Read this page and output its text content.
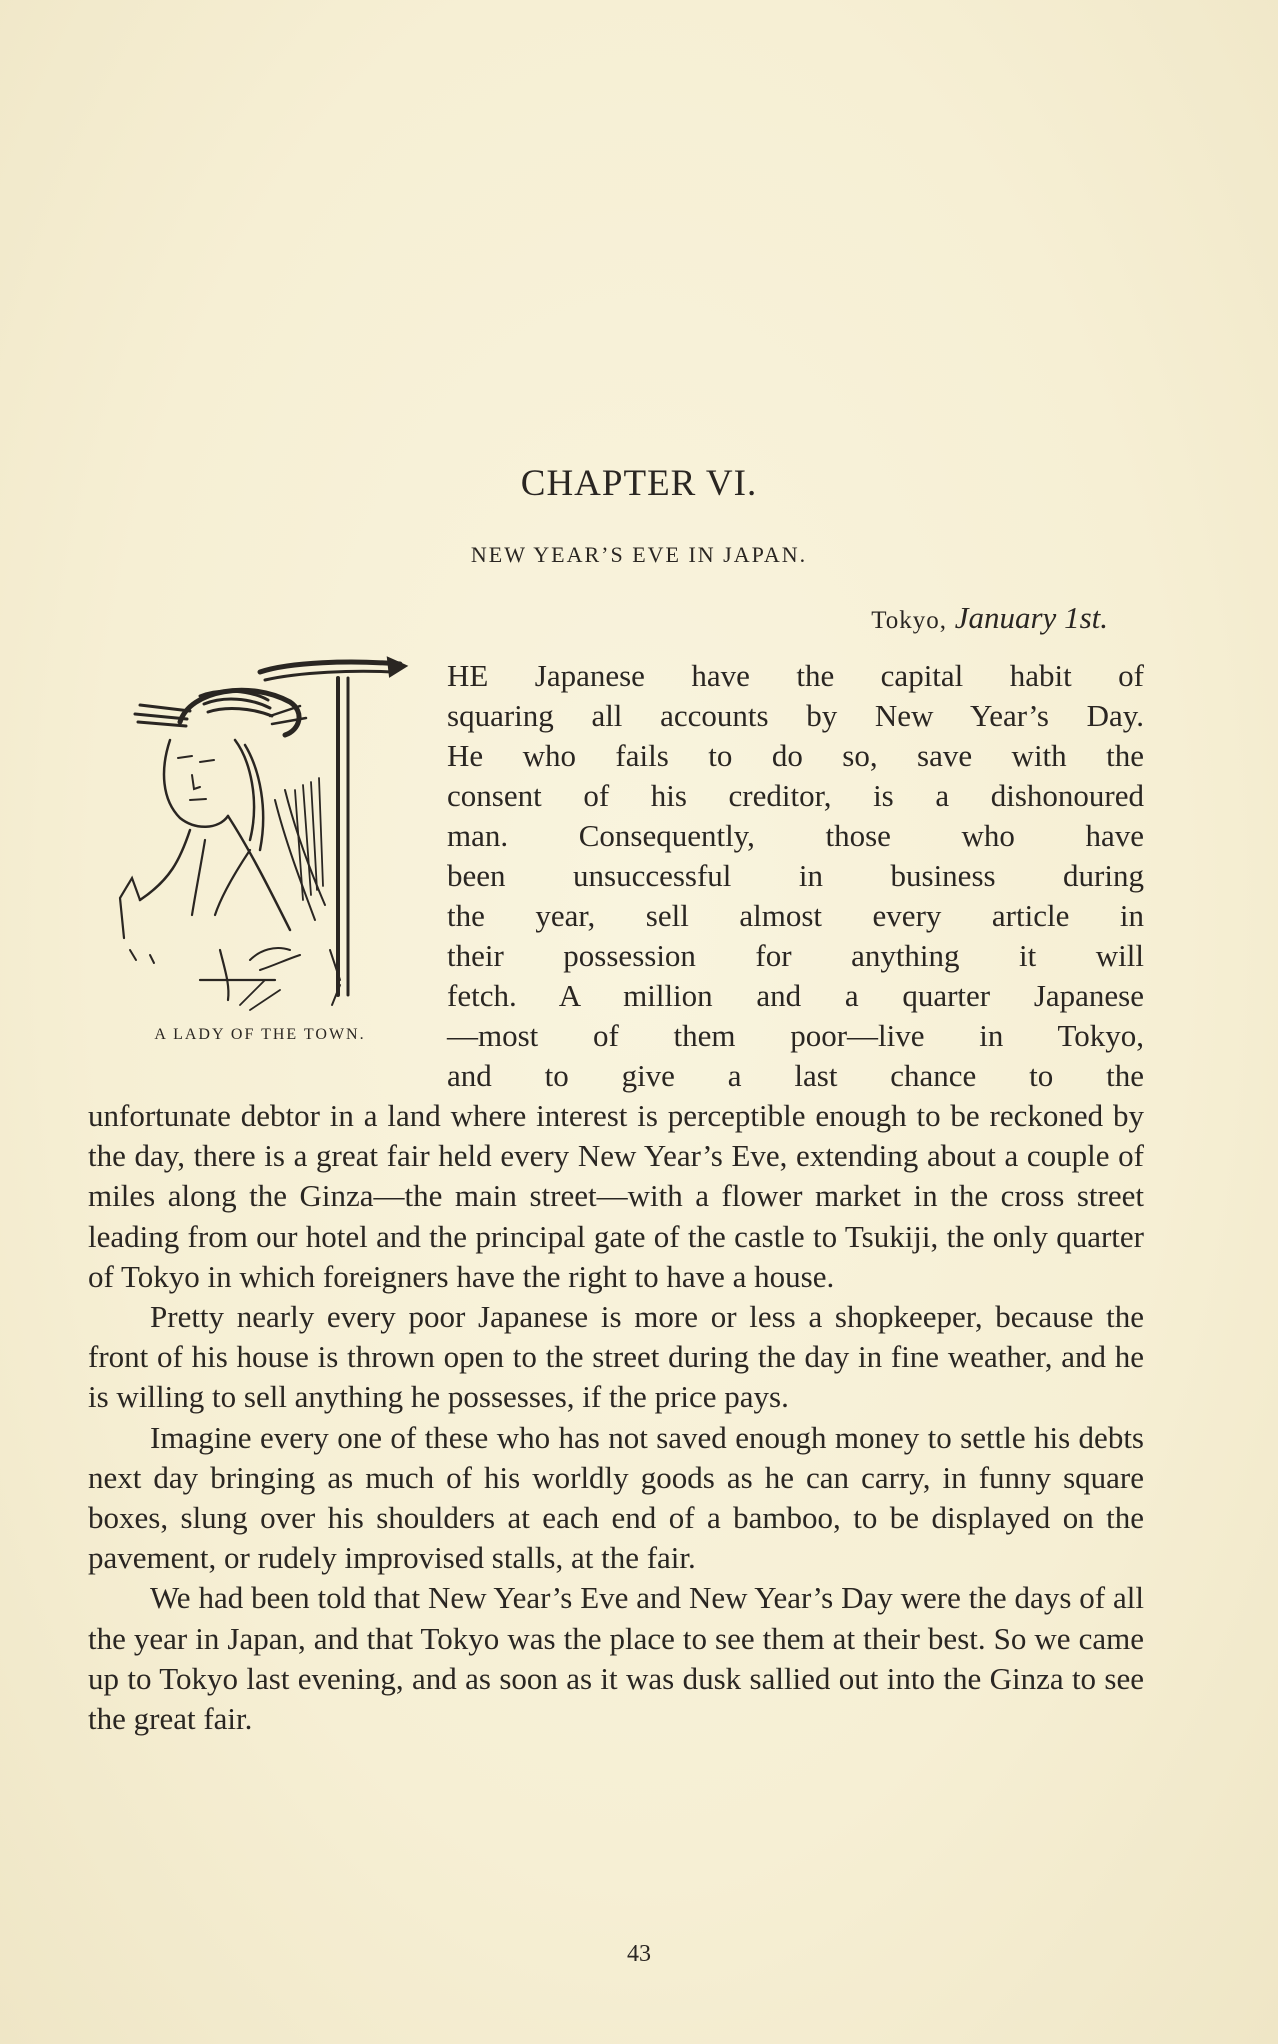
CHAPTER VI.
NEW YEAR’S EVE IN JAPAN.
Tokyo, January 1st.
A LADY OF THE TOWN.
HE Japanese have the capital habit of
squaring all accounts by New Year’s Day.
He who fails to do so, save with the
consent of his creditor, is a dishonoured
man. Consequently, those who have
been unsuccessful in business during
the year, sell almost every article in
their possession for anything it will
fetch. A million and a quarter Japanese
—most of them poor—live in Tokyo,
and to give a last chance to the

unfortunate debtor in a land where interest is perceptible enough to be reckoned by the day, there is a great fair held every New Year’s Eve, extending about a couple of miles along the Ginza—the main street—with a flower market in the cross street leading from our hotel and the principal gate of the castle to Tsukiji, the only quarter of Tokyo in which foreigners have the right to have a house.

Pretty nearly every poor Japanese is more or less a shopkeeper, because the front of his house is thrown open to the street during the day in fine weather, and he is willing to sell anything he possesses, if the price pays.

Imagine every one of these who has not saved enough money to settle his debts next day bringing as much of his worldly goods as he can carry, in funny square boxes, slung over his shoulders at each end of a bamboo, to be displayed on the pavement, or rudely improvised stalls, at the fair.

We had been told that New Year’s Eve and New Year’s Day were the days of all the year in Japan, and that Tokyo was the place to see them at their best. So we came up to Tokyo last evening, and as soon as it was dusk sallied out into the Ginza to see the great fair.

43
